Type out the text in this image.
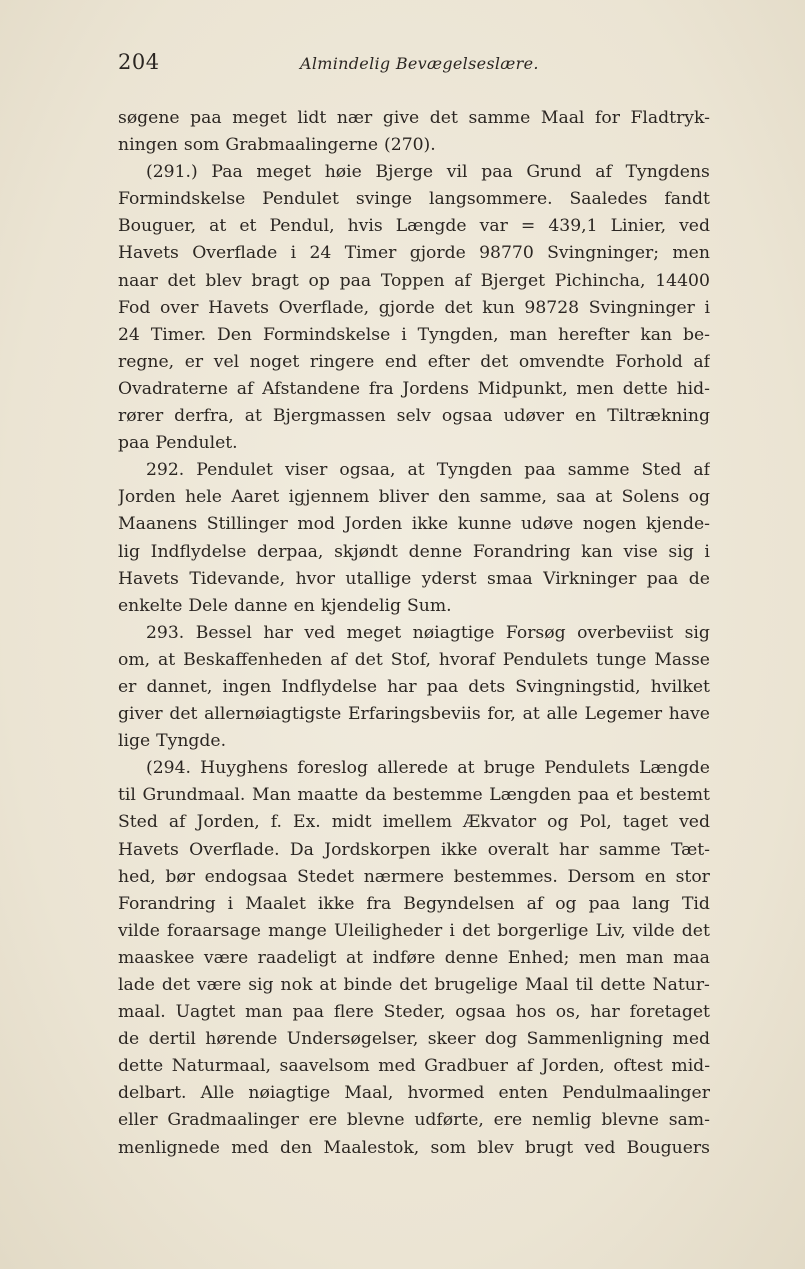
204	Almindelig Bevægelseslære.
søgene paa meget lidt nær give det samme Maal for Fladtryk-
ningen som Grabmaalingerne (270).
(291.) Paa meget høie Bjerge vil paa Grund af Tyngdens
Formindskelse Pendulet svinge langsommere. Saaledes fandt
Bouguer, at et Pendul, hvis Længde var = 439,1 Linier, ved
Havets Overflade i 24 Timer gjorde 98770 Svingninger; men
naar det blev bragt op paa Toppen af Bjerget Pichincha, 14400
Fod over Havets Overflade, gjorde det kun 98728 Svingninger i
24 Timer. Den Formindskelse i Tyngden, man herefter kan be-
regne, er vel noget ringere end efter det omvendte Forhold af
Ovadraterne af Afstandene fra Jordens Midpunkt, men dette hid-
rører derfra, at Bjergmassen selv ogsaa udøver en Tiltrækning
paa Pendulet.
292. Pendulet viser ogsaa, at Tyngden paa samme Sted af
Jorden hele Aaret igjennem bliver den samme, saa at Solens og
Maanens Stillinger mod Jorden ikke kunne udøve nogen kjende-
lig Indflydelse derpaa, skjøndt denne Forandring kan vise sig i
Havets Tidevande, hvor utallige yderst smaa Virkninger paa de
enkelte Dele danne en kjendelig Sum.
293. Bessel har ved meget nøiagtige Forsøg overbeviist sig
om, at Beskaffenheden af det Stof, hvoraf Pendulets tunge Masse
er dannet, ingen Indflydelse har paa dets Svingningstid, hvilket
giver det allernøiagtigste Erfaringsbeviis for, at alle Legemer have
lige Tyngde.
(294. Huyghens foreslog allerede at bruge Pendulets Længde
til Grundmaal. Man maatte da bestemme Længden paa et bestemt
Sted af Jorden, f. Ex. midt imellem Ækvator og Pol, taget ved
Havets Overflade. Da Jordskorpen ikke overalt har samme Tæt-
hed, bør endogsaa Stedet nærmere bestemmes. Dersom en stor
Forandring i Maalet ikke fra Begyndelsen af og paa lang Tid
vilde foraarsage mange Uleiligheder i det borgerlige Liv, vilde det
maaskee være raadeligt at indføre denne Enhed; men man maa
lade det være sig nok at binde det brugelige Maal til dette Natur-
maal. Uagtet man paa flere Steder, ogsaa hos os, har foretaget
de dertil hørende Undersøgelser, skeer dog Sammenligning med
dette Naturmaal, saavelsom med Gradbuer af Jorden, oftest mid-
delbart. Alle nøiagtige Maal, hvormed enten Pendulmaalinger
eller Gradmaalinger ere blevne udførte, ere nemlig blevne sam-
menlignede med den Maalestok, som blev brugt ved Bouguers
